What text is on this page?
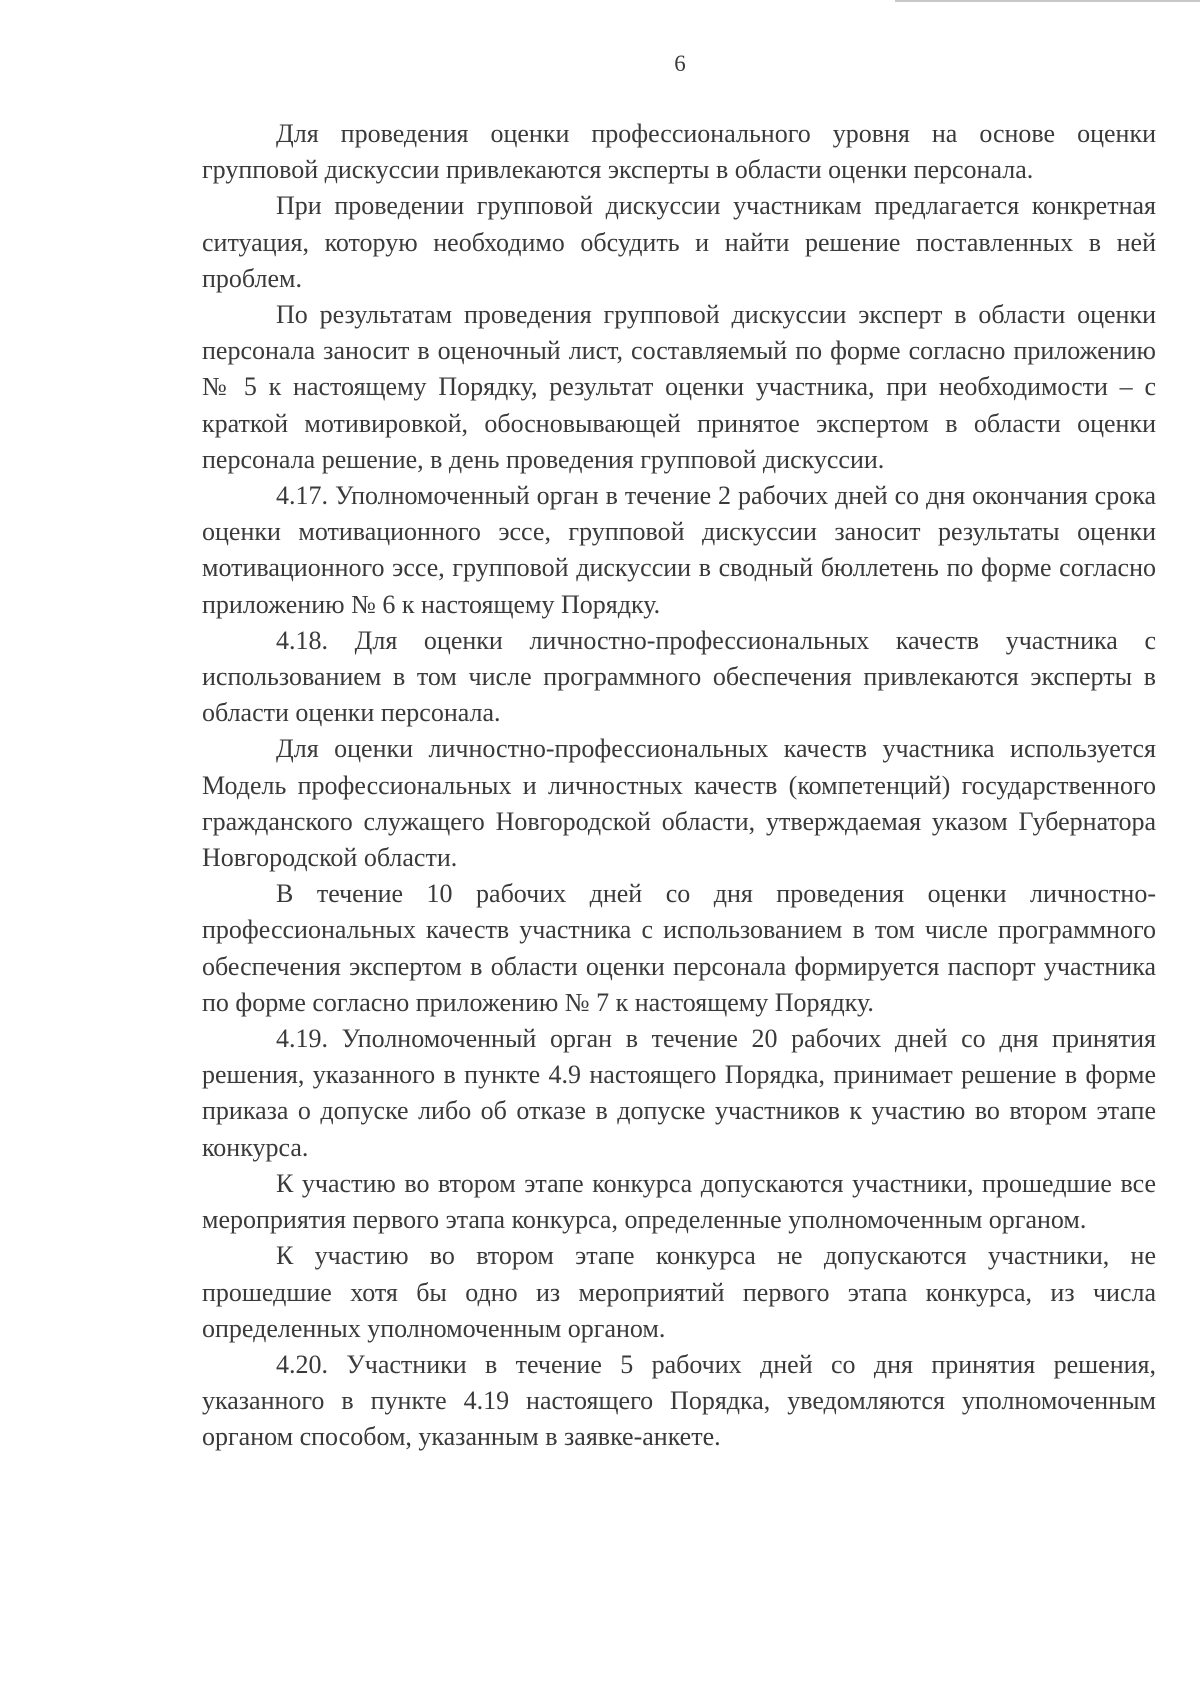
6

Для проведения оценки профессионального уровня на основе оценки групповой дискуссии привлекаются эксперты в области оценки персонала.

При проведении групповой дискуссии участникам предлагается конкретная ситуация, которую необходимо обсудить и найти решение поставленных в ней проблем.

По результатам проведения групповой дискуссии эксперт в области оценки персонала заносит в оценочный лист, составляемый по форме согласно приложению № 5 к настоящему Порядку, результат оценки участника, при необходимости – с краткой мотивировкой, обосновывающей принятое экспертом в области оценки персонала решение, в день проведения групповой дискуссии.

4.17. Уполномоченный орган в течение 2 рабочих дней со дня окончания срока оценки мотивационного эссе, групповой дискуссии заносит результаты оценки мотивационного эссе, групповой дискуссии в сводный бюллетень по форме согласно приложению № 6 к настоящему Порядку.

4.18. Для оценки личностно-профессиональных качеств участника с использованием в том числе программного обеспечения привлекаются эксперты в области оценки персонала.

Для оценки личностно-профессиональных качеств участника используется Модель профессиональных и личностных качеств (компетенций) государственного гражданского служащего Новгородской области, утверждаемая указом Губернатора Новгородской области.

В течение 10 рабочих дней со дня проведения оценки личностно-профессиональных качеств участника с использованием в том числе программного обеспечения экспертом в области оценки персонала формируется паспорт участника по форме согласно приложению № 7 к настоящему Порядку.

4.19. Уполномоченный орган в течение 20 рабочих дней со дня принятия решения, указанного в пункте 4.9 настоящего Порядка, принимает решение в форме приказа о допуске либо об отказе в допуске участников к участию во втором этапе конкурса.

К участию во втором этапе конкурса допускаются участники, прошедшие все мероприятия первого этапа конкурса, определенные уполномоченным органом.

К участию во втором этапе конкурса не допускаются участники, не прошедшие хотя бы одно из мероприятий первого этапа конкурса, из числа определенных уполномоченным органом.

4.20. Участники в течение 5 рабочих дней со дня принятия решения, указанного в пункте 4.19 настоящего Порядка, уведомляются уполномоченным органом способом, указанным в заявке-анкете.
